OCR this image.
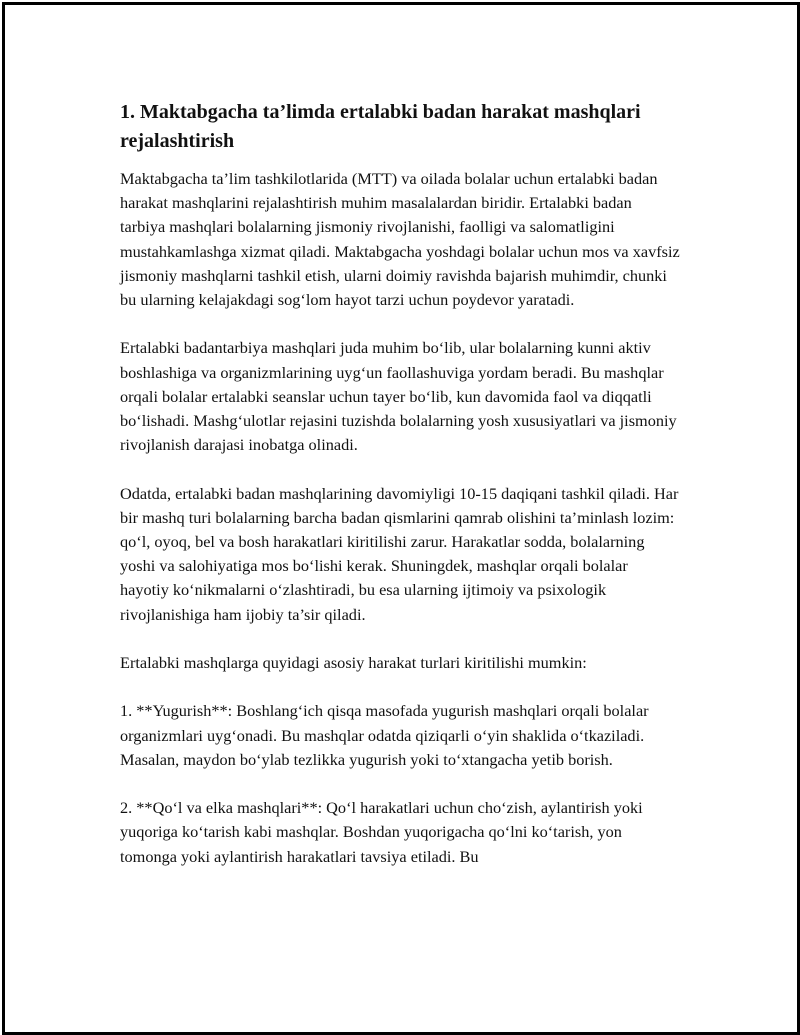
1. Maktabgacha ta’limda ertalabki badan harakat mashqlari rejalashtirish

Maktabgacha ta’lim tashkilotlarida (MTT) va oilada bolalar uchun ertalabki badan harakat mashqlarini rejalashtirish muhim masalalardan biridir. Ertalabki badan tarbiya mashqlari bolalarning jismoniy rivojlanishi, faolligi va salomatligini mustahkamlashga xizmat qiladi. Maktabgacha yoshdagi bolalar uchun mos va xavfsiz jismoniy mashqlarni tashkil etish, ularni doimiy ravishda bajarish muhimdir, chunki bu ularning kelajakdagi sog‘lom hayot tarzi uchun poydevor yaratadi.

Ertalabki badantarbiya mashqlari juda muhim bo‘lib, ular bolalarning kunni aktiv boshlashiga va organizmlarining uyg‘un faollashuviga yordam beradi. Bu mashqlar orqali bolalar ertalabki seanslar uchun tayer bo‘lib, kun davomida faol va diqqatli bo‘lishadi. Mashg‘ulotlar rejasini tuzishda bolalarning yosh xususiyatlari va jismoniy rivojlanish darajasi inobatga olinadi.

Odatda, ertalabki badan mashqlarining davomiyligi 10-15 daqiqani tashkil qiladi. Har bir mashq turi bolalarning barcha badan qismlarini qamrab olishini ta’minlash lozim: qo‘l, oyoq, bel va bosh harakatlari kiritilishi zarur. Harakatlar sodda, bolalarning yoshi va salohiyatiga mos bo‘lishi kerak. Shuningdek, mashqlar orqali bolalar hayotiy ko‘nikmalarni o‘zlashtiradi, bu esa ularning ijtimoiy va psixologik rivojlanishiga ham ijobiy ta’sir qiladi.

Ertalabki mashqlarga quyidagi asosiy harakat turlari kiritilishi mumkin:

1. **Yugurish**: Boshlang‘ich qisqa masofada yugurish mashqlari orqali bolalar organizmlari uyg‘onadi. Bu mashqlar odatda qiziqarli o‘yin shaklida o‘tkaziladi. Masalan, maydon bo‘ylab tezlikka yugurish yoki to‘xtangacha yetib borish.

2. **Qo‘l va elka mashqlari**: Qo‘l harakatlari uchun cho‘zish, aylantirish yoki yuqoriga ko‘tarish kabi mashqlar. Boshdan yuqorigacha qo‘lni ko‘tarish, yon tomonga yoki aylantirish harakatlari tavsiya etiladi. Bu
